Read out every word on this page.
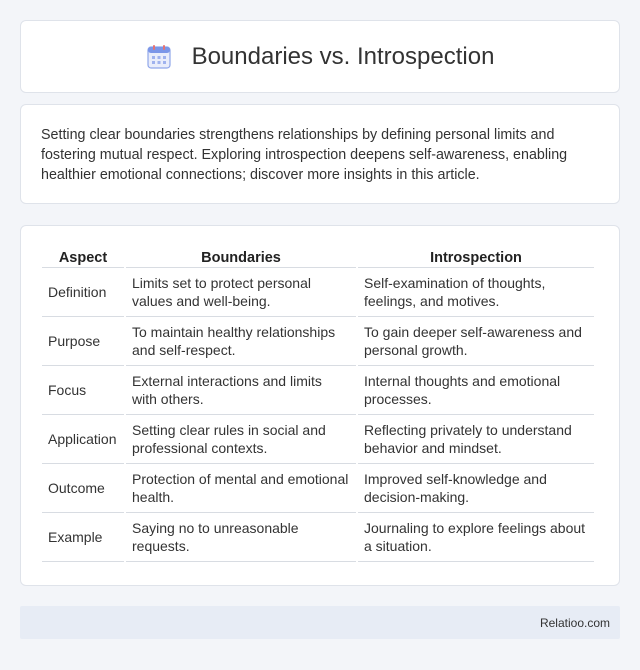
Boundaries vs. Introspection

Setting clear boundaries strengthens relationships by defining personal limits and fostering mutual respect. Exploring introspection deepens self-awareness, enabling healthier emotional connections; discover more insights in this article.

Aspect	Boundaries	Introspection
Definition	Limits set to protect personal values and well-being.	Self-examination of thoughts, feelings, and motives.
Purpose	To maintain healthy relationships and self-respect.	To gain deeper self-awareness and personal growth.
Focus	External interactions and limits with others.	Internal thoughts and emotional processes.
Application	Setting clear rules in social and professional contexts.	Reflecting privately to understand behavior and mindset.
Outcome	Protection of mental and emotional health.	Improved self-knowledge and decision-making.
Example	Saying no to unreasonable requests.	Journaling to explore feelings about a situation.
Relatioo.com
